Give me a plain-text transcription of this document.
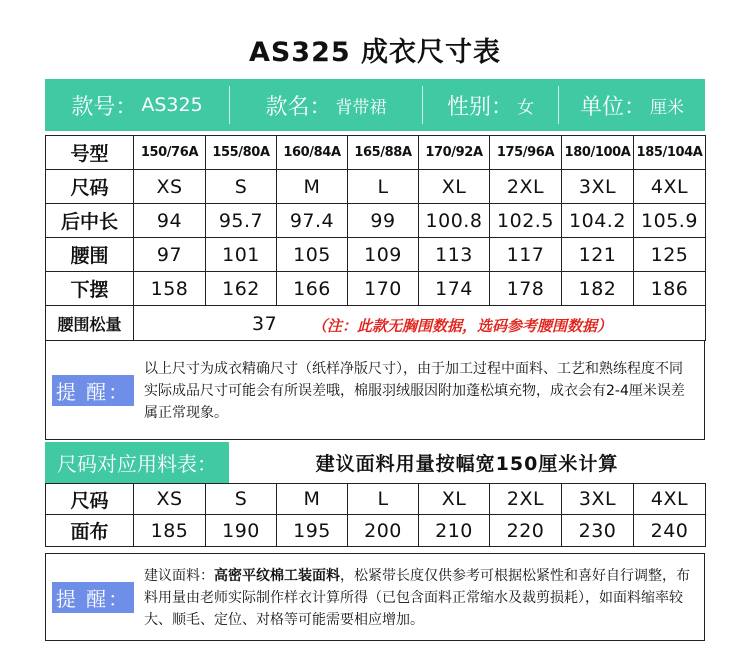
AS325 成衣尺寸表
款号： AS325	款名： 背带裙	性别： 女 单位： 厘米
号型	150/76A	155/80A	160/84A	165/88A	170/92A	175/96A	180/100A	185/104A
尺码	XS	S	M	L	XL	2XL	3XL	4XL
后中长	94	95.7	97.4	99	100.8	102.5	104.2	105.9
腰围	97	101	105	109	113	117	121	125
下摆	158	162	166	170	174	178	182	186
腰围松量	37 （注：此款无胸围数据，选码参考腰围数据）							
提 醒：
以上尺寸为成衣精确尺寸（纸样净版尺寸），由于加工过程中面料、工艺和熟练程度不同实际成品尺寸可能会有所误差哦，棉服羽绒服因附加蓬松填充物，成衣会有2-4厘米误差属正常现象。
尺码对应用料表：	建议面料用量按幅宽150厘米计算
尺码	XS	S	M	L	XL	2XL	3XL	4XL
面布	185	190	195	200	210	220	230	240
提 醒：
建议面料：高密平纹棉工装面料，松紧带长度仅供参考可根据松紧性和喜好自行调整，布料用量由老师实际制作样衣计算所得（已包含面料正常缩水及裁剪损耗），如面料缩率较大、顺毛、定位、对格等可能需要相应增加。
